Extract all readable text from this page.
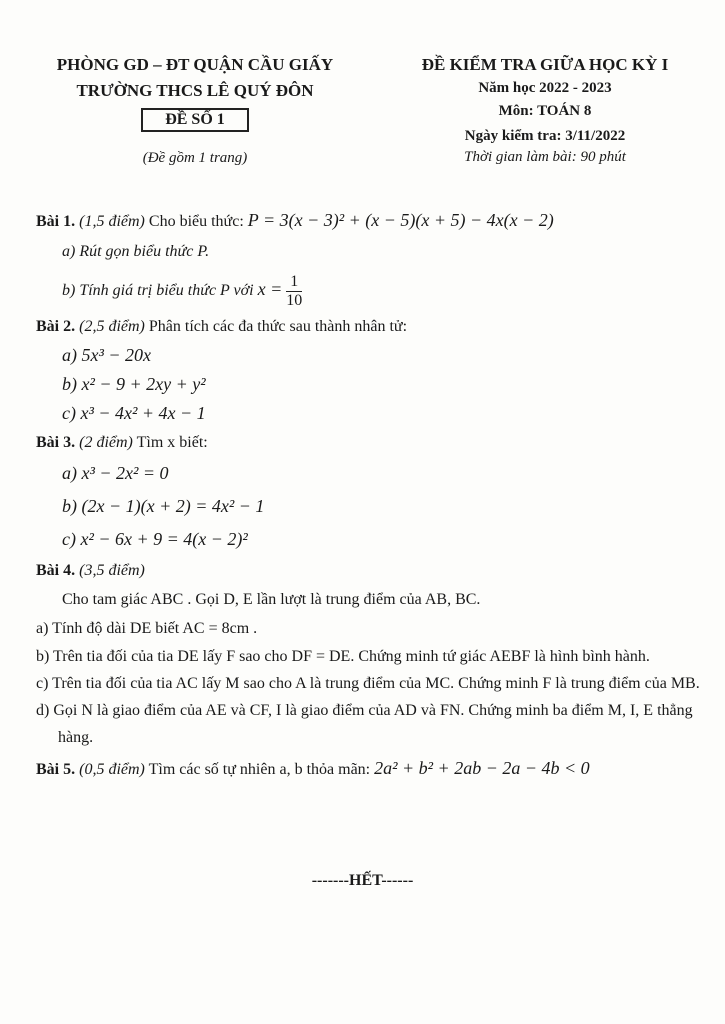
PHÒNG GD – ĐT QUẬN CẦU GIẤY
TRƯỜNG THCS LÊ QUÝ ĐÔN
ĐỀ SỐ 1
(Đề gồm 1 trang)
ĐỀ KIỂM TRA GIỮA HỌC KỲ I
Năm học 2022 - 2023
Môn: TOÁN 8
Ngày kiểm tra: 3/11/2022
Thời gian làm bài: 90 phút
Bài 1. (1,5 điểm) Cho biểu thức: P = 3(x − 3)² + (x − 5)(x + 5) − 4x(x − 2)
a) Rút gọn biểu thức P.
b) Tính giá trị biểu thức P với $x = \frac{1}{10}$
Bài 2. (2,5 điểm) Phân tích các đa thức sau thành nhân tử:
a) 5x³ − 20x
b) x² − 9 + 2xy + y²
c) x³ − 4x² + 4x − 1
Bài 3. (2 điểm) Tìm x biết:
a) x³ − 2x² = 0
b) (2x − 1)(x + 2) = 4x² − 1
c) x² − 6x + 9 = 4(x − 2)²
Bài 4. (3,5 điểm)
Cho tam giác ABC . Gọi D, E lần lượt là trung điểm của AB, BC.
a) Tính độ dài DE biết AC = 8cm .
b) Trên tia đối của tia DE lấy F sao cho DF = DE. Chứng minh tứ giác AEBF là hình bình hành.
c) Trên tia đối của tia AC lấy M sao cho A là trung điểm của MC. Chứng minh F là trung điểm của MB.
d) Gọi N là giao điểm của AE và CF, I là giao điểm của AD và FN. Chứng minh ba điểm M, I, E thẳng hàng.
Bài 5. (0,5 điểm) Tìm các số tự nhiên a, b thỏa mãn: 2a² + b² + 2ab − 2a − 4b < 0
-------HẾT------
